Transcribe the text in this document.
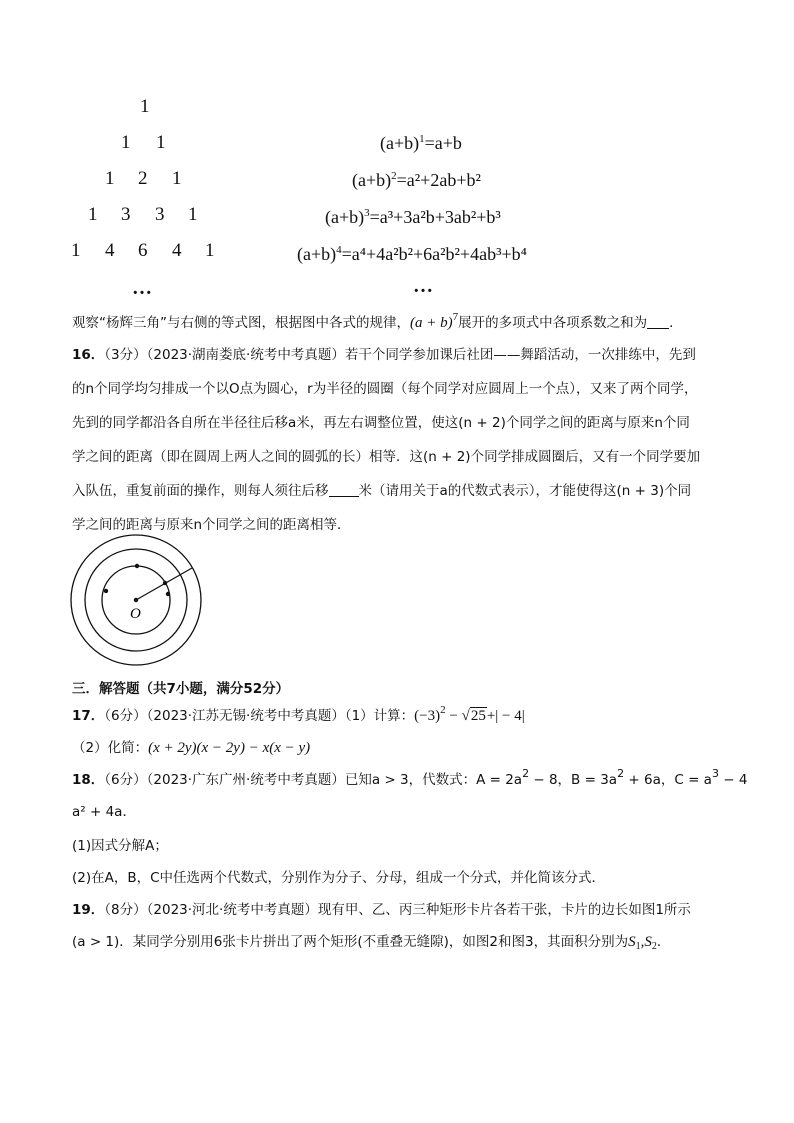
1
1 1
1 2 1
1 3 3 1
1 4 6 4 1
…
$(a+b)^1=a+b$
$(a+b)^2=a^2+2ab+b^2$
$(a+b)^3=a^3+3a^2b+3ab^2+b^3$
$(a+b)^4=a^4+4a^2b^2+6a^2b^2+4ab^3+b^4$
…
观察“杨辉三角”与右侧的等式图，根据图中各式的规律，$(a + b)^7$展开的多项式中各项系数之和为 ．
16．（3分）（2023·湖南娄底·统考中考真题）若干个同学参加课后社团——舞蹈活动，一次排练中，先到
的n个同学均匀排成一个以O点为圆心，r为半径的圆圈（每个同学对应圆周上一个点），又来了两个同学，
先到的同学都沿各自所在半径往后移a米，再左右调整位置，使这(n + 2)个同学之间的距离与原来n个同
学之间的距离（即在圆周上两人之间的圆弧的长）相等．这(n + 2)个同学排成圆圈后，又有一个同学要加
入队伍，重复前面的操作，则每人须往后移 米（请用关于a的代数式表示），才能使得这(n + 3)个同
学之间的距离与原来n个同学之间的距离相等．
O
三．解答题（共7小题，满分52分）
17．（6分）（2023·江苏无锡·统考中考真题）（1）计算：$(-3)^2 - √25+| - 4|$
（2）化简：(x + 2y)(x − 2y) − x(x − y)
18．（6分）（2023·广东广州·统考中考真题）已知a > 3，代数式：$A = 2a^2 - 8$，$B = 3a^2 + 6a$，$C = a^3 - 4$
a² + 4a．
(1)因式分解A；
(2)在A，B，C中任选两个代数式，分别作为分子、分母，组成一个分式，并化简该分式．
19．（8分）（2023·河北·统考中考真题）现有甲、乙、丙三种矩形卡片各若干张，卡片的边长如图1所示
(a > 1)．某同学分别用6张卡片拼出了两个矩形(不重叠无缝隙)，如图2和图3，其面积分别为$S_1,S_2$．
